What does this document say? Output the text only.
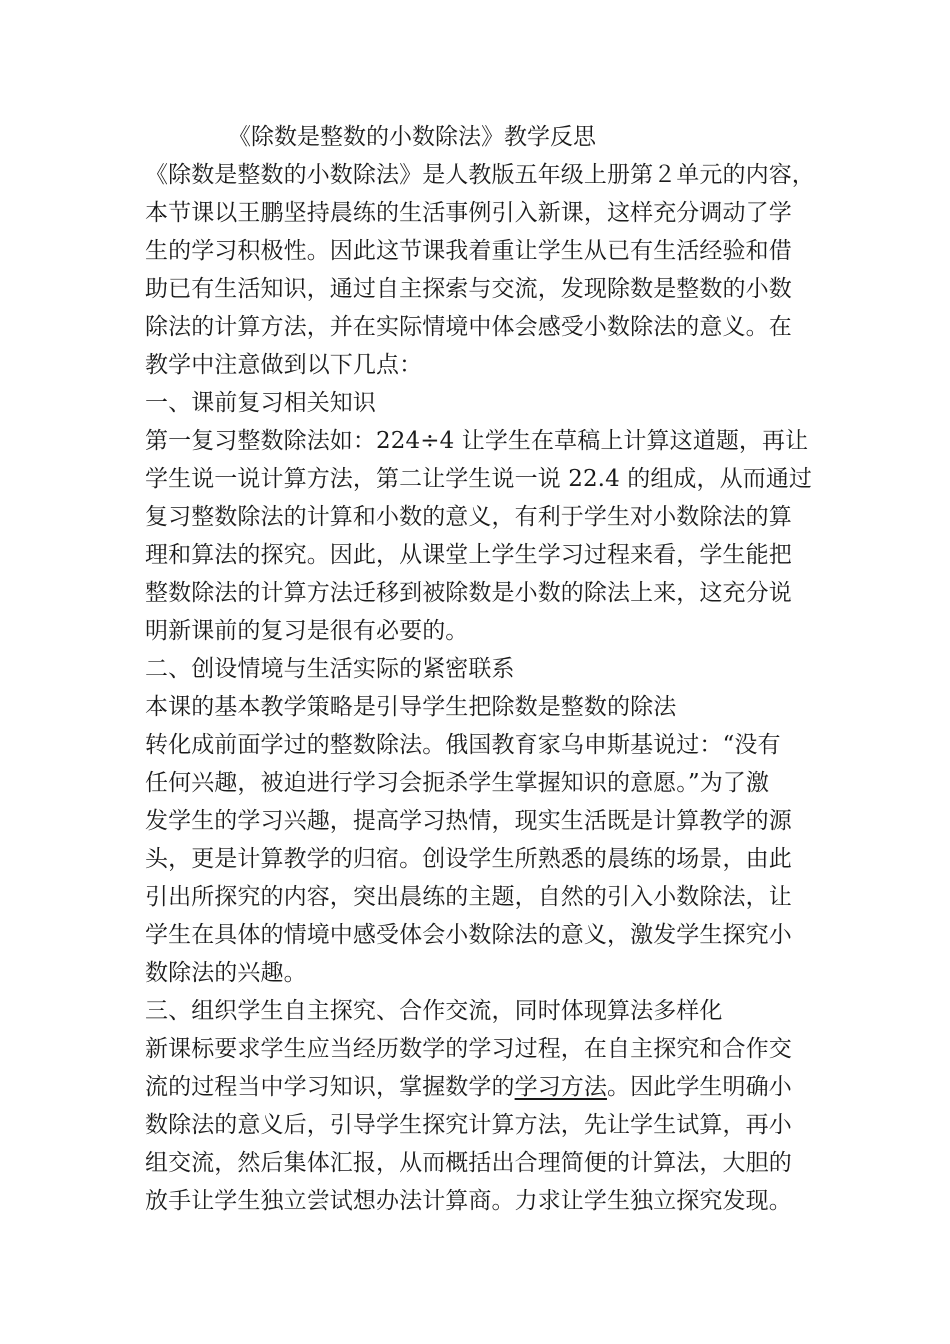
《除数是整数的小数除法》教学反思
《除数是整数的小数除法》是人教版五年级上册第２单元的内容，
本节课以王鹏坚持晨练的生活事例引入新课，这样充分调动了学
生的学习积极性。因此这节课我着重让学生从已有生活经验和借
助已有生活知识，通过自主探索与交流，发现除数是整数的小数
除法的计算方法，并在实际情境中体会感受小数除法的意义。在
教学中注意做到以下几点：
一、课前复习相关知识
第一复习整数除法如：224÷4 让学生在草稿上计算这道题，再让
学生说一说计算方法，第二让学生说一说 22.4 的组成，从而通过
复习整数除法的计算和小数的意义，有利于学生对小数除法的算
理和算法的探究。因此，从课堂上学生学习过程来看，学生能把
整数除法的计算方法迁移到被除数是小数的除法上来，这充分说
明新课前的复习是很有必要的。
二、创设情境与生活实际的紧密联系
本课的基本教学策略是引导学生把除数是整数的除法
转化成前面学过的整数除法。俄国教育家乌申斯基说过：“没有
任何兴趣，被迫进行学习会扼杀学生掌握知识的意愿。”为了激
发学生的学习兴趣，提高学习热情，现实生活既是计算教学的源
头，更是计算教学的归宿。创设学生所熟悉的晨练的场景，由此
引出所探究的内容，突出晨练的主题，自然的引入小数除法，让
学生在具体的情境中感受体会小数除法的意义，激发学生探究小
数除法的兴趣。
三、组织学生自主探究、合作交流，同时体现算法多样化
新课标要求学生应当经历数学的学习过程，在自主探究和合作交
流的过程当中学习知识，掌握数学的学习方法。因此学生明确小
数除法的意义后，引导学生探究计算方法，先让学生试算，再小
组交流，然后集体汇报，从而概括出合理简便的计算法，大胆的
放手让学生独立尝试想办法计算商。力求让学生独立探究发现。
